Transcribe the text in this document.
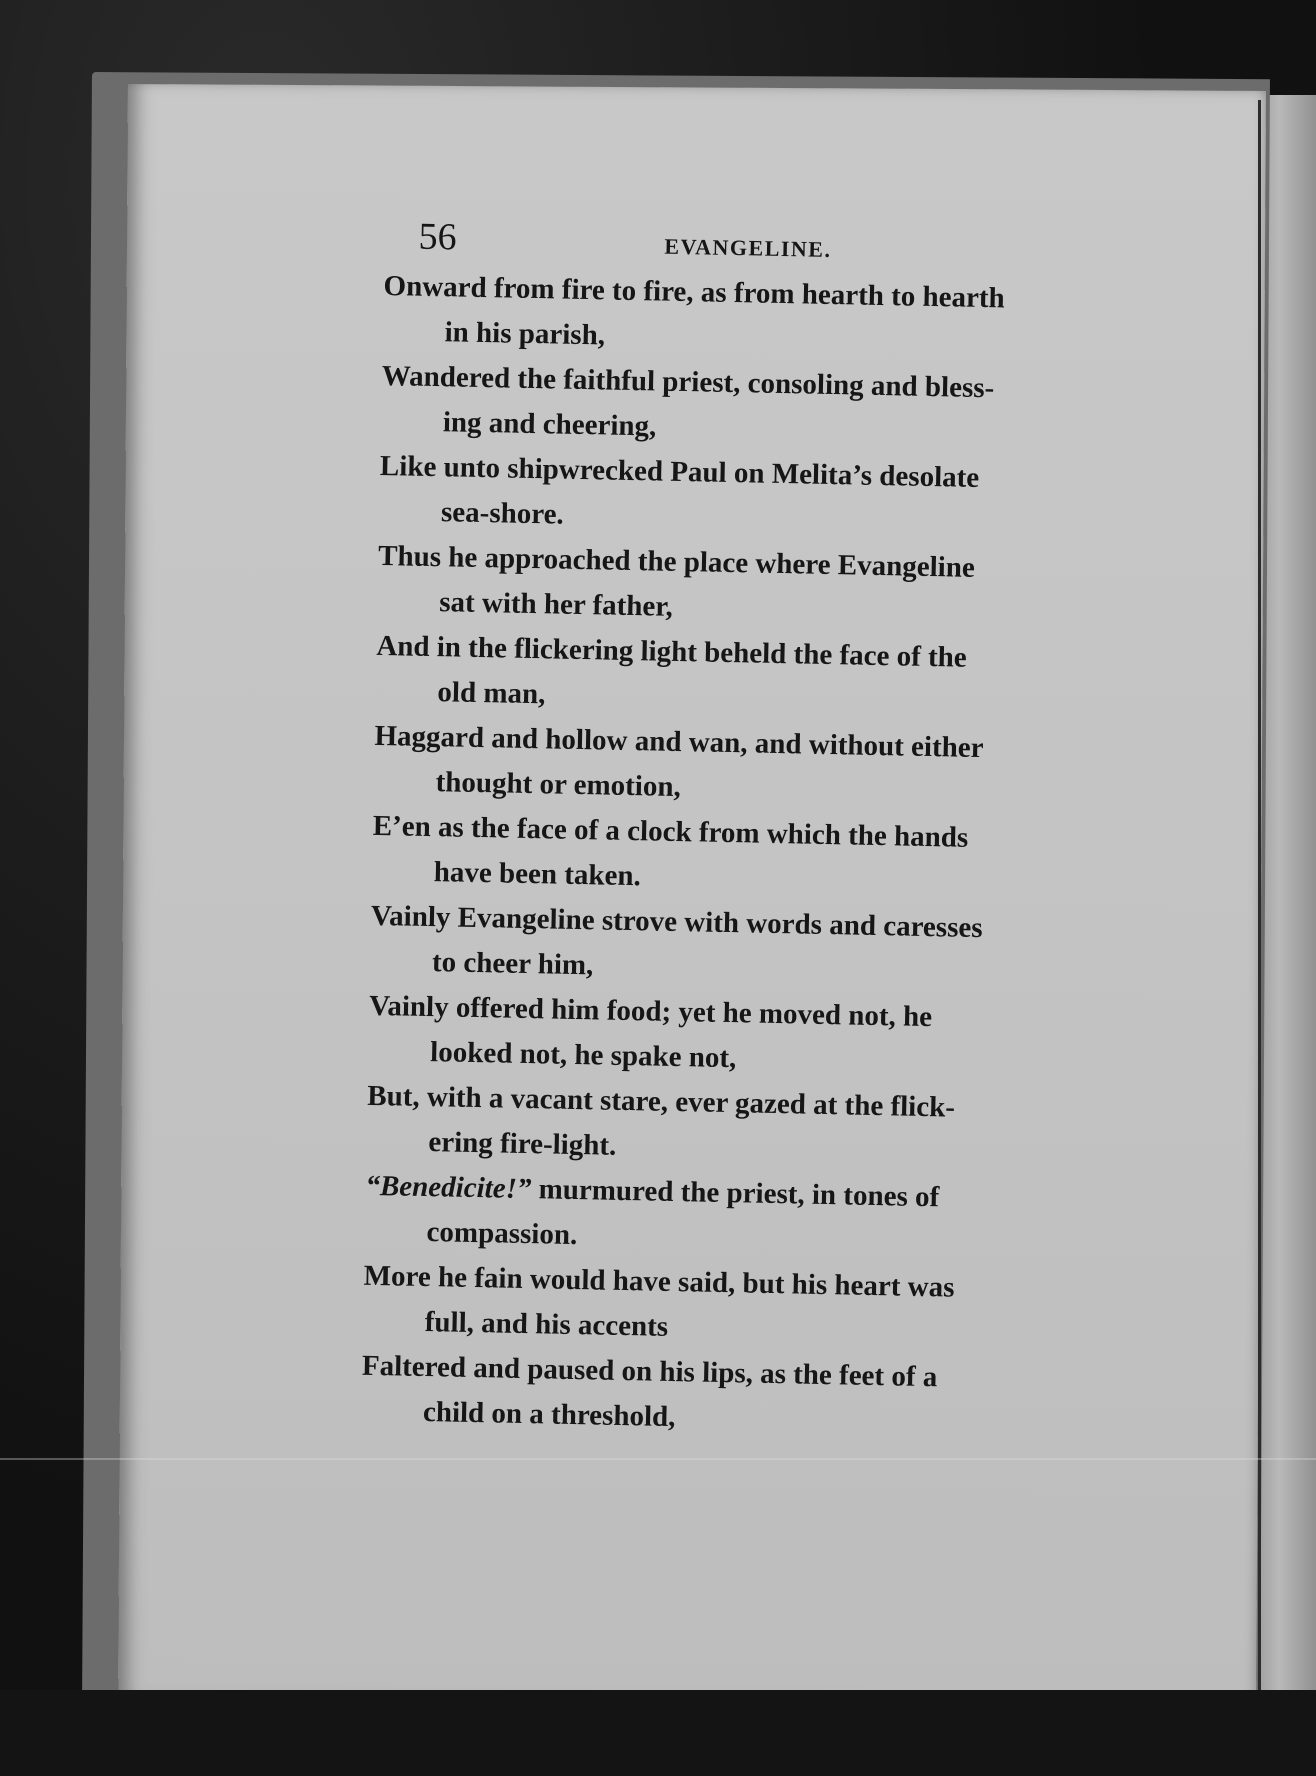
56	EVANGELINE.
Onward from fire to fire, as from hearth to hearth
in his parish,
Wandered the faithful priest, consoling and bless-
ing and cheering,
Like unto shipwrecked Paul on Melita’s desolate
sea-shore.
Thus he approached the place where Evangeline
sat with her father,
And in the flickering light beheld the face of the
old man,
Haggard and hollow and wan, and without either
thought or emotion,
E’en as the face of a clock from which the hands
have been taken.
Vainly Evangeline strove with words and caresses
to cheer him,
Vainly offered him food; yet he moved not, he
looked not, he spake not,
But, with a vacant stare, ever gazed at the flick-
ering fire-light.
“Benedicite!” murmured the priest, in tones of
compassion.
More he fain would have said, but his heart was
full, and his accents
Faltered and paused on his lips, as the feet of a
child on a threshold,
